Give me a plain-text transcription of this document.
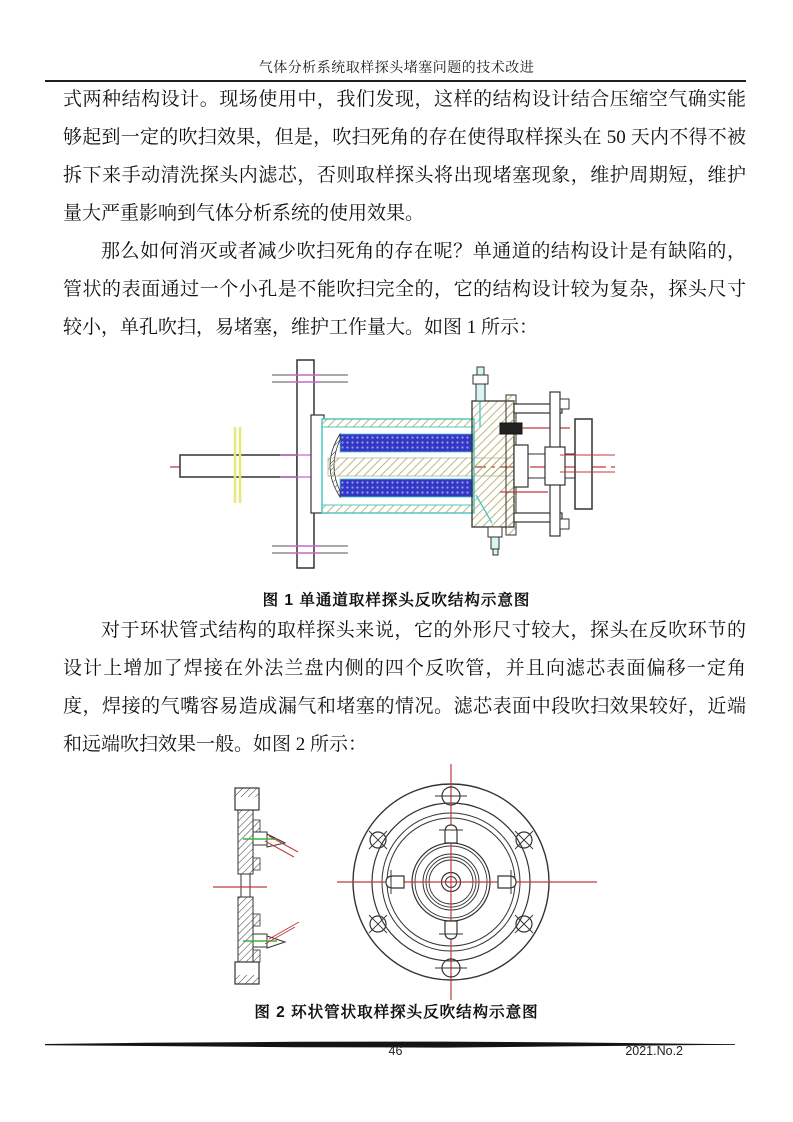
气体分析系统取样探头堵塞问题的技术改进

式两种结构设计。现场使用中，我们发现，这样的结构设计结合压缩空气确实能够起到一定的吹扫效果，但是，吹扫死角的存在使得取样探头在 50 天内不得不被拆下来手动清洗探头内滤芯，否则取样探头将出现堵塞现象，维护周期短，维护量大严重影响到气体分析系统的使用效果。

那么如何消灭或者减少吹扫死角的存在呢？单通道的结构设计是有缺陷的，管状的表面通过一个小孔是不能吹扫完全的，它的结构设计较为复杂，探头尺寸较小，单孔吹扫，易堵塞，维护工作量大。如图 1 所示：

图 1 单通道取样探头反吹结构示意图

对于环状管式结构的取样探头来说，它的外形尺寸较大，探头在反吹环节的设计上增加了焊接在外法兰盘内侧的四个反吹管，并且向滤芯表面偏移一定角度，焊接的气嘴容易造成漏气和堵塞的情况。滤芯表面中段吹扫效果较好，近端和远端吹扫效果一般。如图 2 所示：

图 2 环状管状取样探头反吹结构示意图

46	2021.No.2
